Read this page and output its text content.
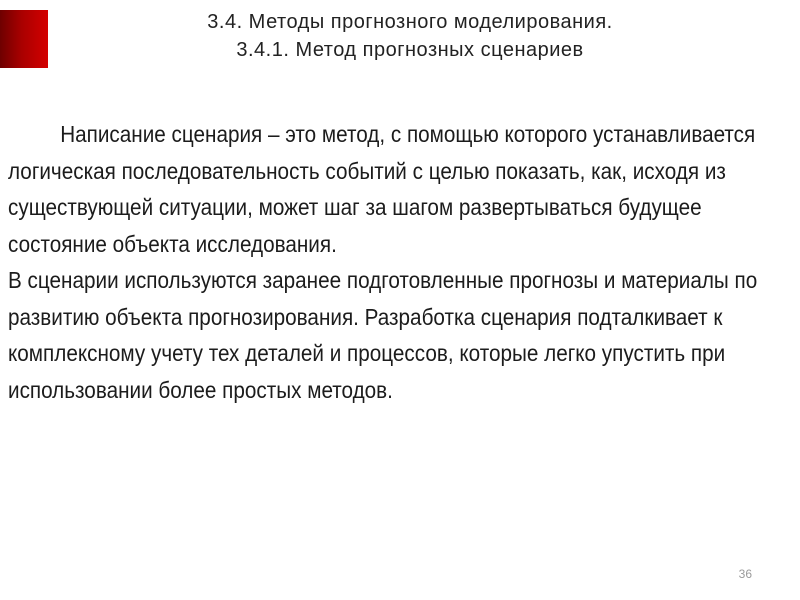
3.4. Методы прогнозного моделирования.
3.4.1. Метод прогнозных сценариев

Написание сценария – это метод, с помощью которого устанавливается логическая последовательность событий с целью показать, как, исходя из существующей ситуации, может шаг за шагом развертываться будущее состояние объекта исследования.

В сценарии используются заранее подготовленные прогнозы и материалы по развитию объекта прогнозирования. Разработка сценария подталкивает к комплексному учету тех деталей и процессов, которые легко упустить при использовании более простых методов.

36
